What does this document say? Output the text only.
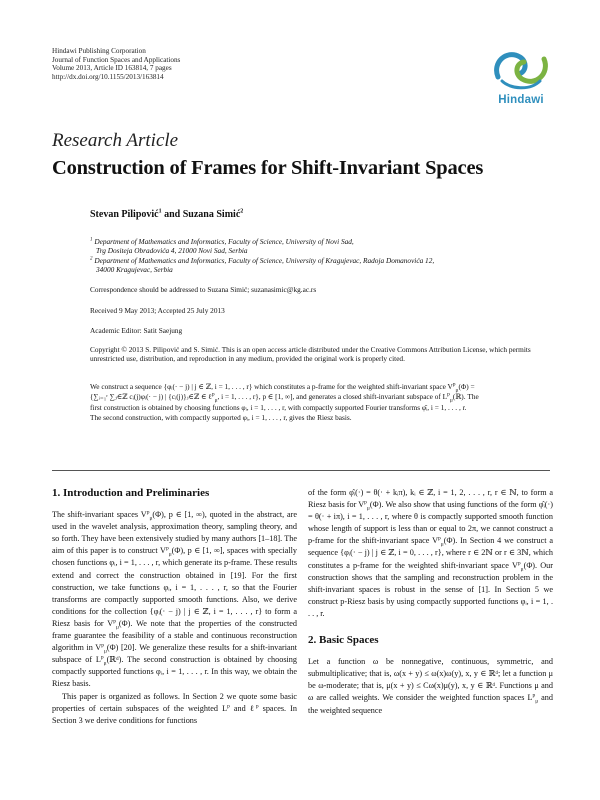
Hindawi Publishing Corporation
Journal of Function Spaces and Applications
Volume 2013, Article ID 163814, 7 pages
http://dx.doi.org/10.1155/2013/163814
Hindawi
Research Article
Construction of Frames for Shift-Invariant Spaces
Stevan Pilipović$^1$ and Suzana Simić$^2$
$^1$ Department of Mathematics and Informatics, Faculty of Science, University of Novi Sad,
Trg Dositeja Obradovića 4, 21000 Novi Sad, Serbia
$^2$ Department of Mathematics and Informatics, Faculty of Science, University of Kragujevac, Radoja Domanovića 12,
34000 Kragujevac, Serbia
Correspondence should be addressed to Suzana Simić; suzanasimic@kg.ac.rs
Received 9 May 2013; Accepted 25 July 2013
Academic Editor: Satit Saejung
Copyright © 2013 S. Pilipović and S. Simić. This is an open access article distributed under the Creative Commons Attribution License, which permits unrestricted use, distribution, and reproduction in any medium, provided the original work is properly cited.
We construct a sequence {φᵢ(· − j) | j ∈ ℤ, i = 1, . . . , r} which constitutes a p-frame for the weighted shift-invariant space $V^p_\mu(\Phi)$ =
{∑ᵢ₌₁ʳ ∑ⱼ∈ℤ cᵢ(j)φᵢ(· − j) | {cᵢ(j)}ⱼ∈ℤ ∈ ℓ$^p_\mu$, i = 1, . . . , r}, p ∈ [1, ∞], and generates a closed shift-invariant subspace of $L^p_\mu(ℝ)$. The
first construction is obtained by choosing functions φᵢ, i = 1, . . . , r, with compactly supported Fourier transforms φ̂ᵢ, i = 1, . . . , r.
The second construction, with compactly supported φᵢ, i = 1, . . . , r, gives the Riesz basis.
1. Introduction and Preliminaries

The shift-invariant spaces $V^p_\mu(\Phi)$, p ∈ [1, ∞), quoted in the abstract, are used in the wavelet analysis, approximation theory, sampling theory, and so forth. They have been extensively studied by many authors [1–18]. The aim of this paper is to construct $V^p_\mu(\Phi)$, p ∈ [1, ∞], spaces with specially chosen functions φᵢ, i = 1, . . . , r, which generate its p-frame. These results extend and correct the construction obtained in [19]. For the first construction, we take functions φᵢ, i = 1, . . . , r, so that the Fourier transforms are compactly supported smooth functions. Also, we derive conditions for the collection {φᵢ(· − j) | j ∈ ℤ, i = 1, . . . , r} to form a Riesz basis for $V^p_\mu(\Phi)$. We note that the properties of the constructed frame guarantee the feasibility of a stable and continuous reconstruction algorithm in $V^p_\mu(\Phi)$ [20]. We generalize these results for a shift-invariant subspace of $L^p_\mu(ℝᵈ)$. The second construction is obtained by choosing compactly supported functions φᵢ, i = 1, . . . , r. In this way, we obtain the Riesz basis.

This paper is organized as follows. In Section 2 we quote some basic properties of certain subspaces of the weighted $L^p$ and ℓ$^p$ spaces. In Section 3 we derive conditions for functions

of the form φ̂ᵢ(·) = θ(· + kᵢπ), kᵢ ∈ ℤ, i = 1, 2, . . . , r, r ∈ ℕ, to form a Riesz basis for $V^p_\mu(\Phi)$. We also show that using functions of the form φ̂ᵢ(·) = θ(· + iπ), i = 1, . . . , r, where θ is compactly supported smooth function whose length of support is less than or equal to 2π, we cannot construct a p-frame for the shift-invariant space $V^p_\mu(\Phi)$. In Section 4 we construct a sequence {φᵢ(· − j) | j ∈ ℤ, i = 0, . . . , r}, where r ∈ 2ℕ or r ∈ 3ℕ, which constitutes a p-frame for the weighted shift-invariant space $V^p_\mu(\Phi)$. Our construction shows that the sampling and reconstruction problem in the shift-invariant spaces is robust in the sense of [1]. In Section 5 we construct p-Riesz basis by using compactly supported functions φᵢ, i = 1, . . . , r.

2. Basic Spaces

Let a function ω be nonnegative, continuous, symmetric, and submultiplicative; that is, ω(x + y) ≤ ω(x)ω(y), x, y ∈ ℝᵈ; let a function μ be ω-moderate; that is, μ(x + y) ≤ Cω(x)μ(y), x, y ∈ ℝᵈ. Functions μ and ω are called weights. We consider the weighted function spaces $L^p_\mu$ and the weighted sequence
